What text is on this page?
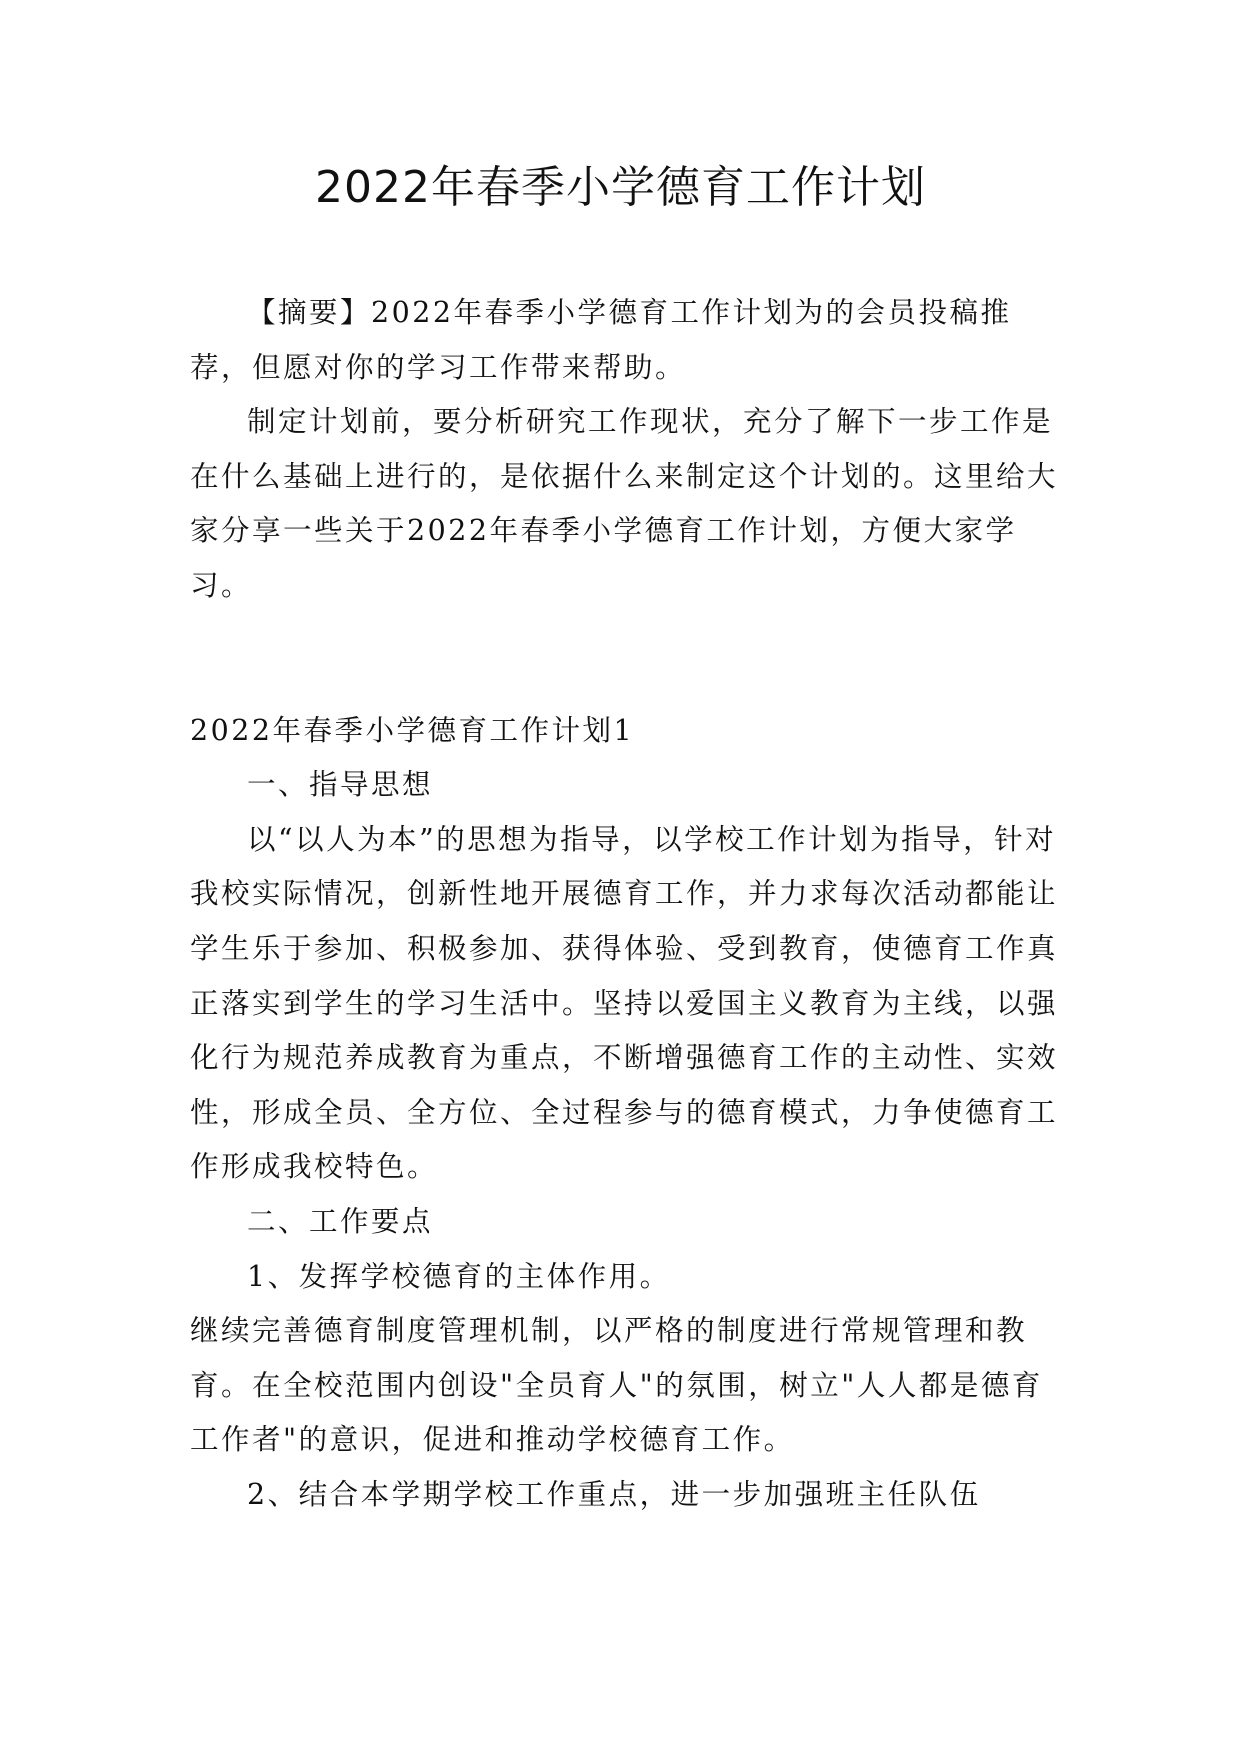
2022年春季小学德育工作计划

【摘要】2022年春季小学德育工作计划为的会员投稿推荐，但愿对你的学习工作带来帮助。

制定计划前，要分析研究工作现状，充分了解下一步工作是在什么基础上进行的，是依据什么来制定这个计划的。这里给大家分享一些关于2022年春季小学德育工作计划，方便大家学习。

2022年春季小学德育工作计划1

一、指导思想

以“以人为本”的思想为指导，以学校工作计划为指导，针对我校实际情况，创新性地开展德育工作，并力求每次活动都能让学生乐于参加、积极参加、获得体验、受到教育，使德育工作真正落实到学生的学习生活中。坚持以爱国主义教育为主线，以强化行为规范养成教育为重点，不断增强德育工作的主动性、实效性，形成全员、全方位、全过程参与的德育模式，力争使德育工作形成我校特色。

二、工作要点

1、发挥学校德育的主体作用。

继续完善德育制度管理机制，以严格的制度进行常规管理和教育。在全校范围内创设"全员育人"的氛围，树立"人人都是德育工作者"的意识，促进和推动学校德育工作。

2、结合本学期学校工作重点，进一步加强班主任队伍
